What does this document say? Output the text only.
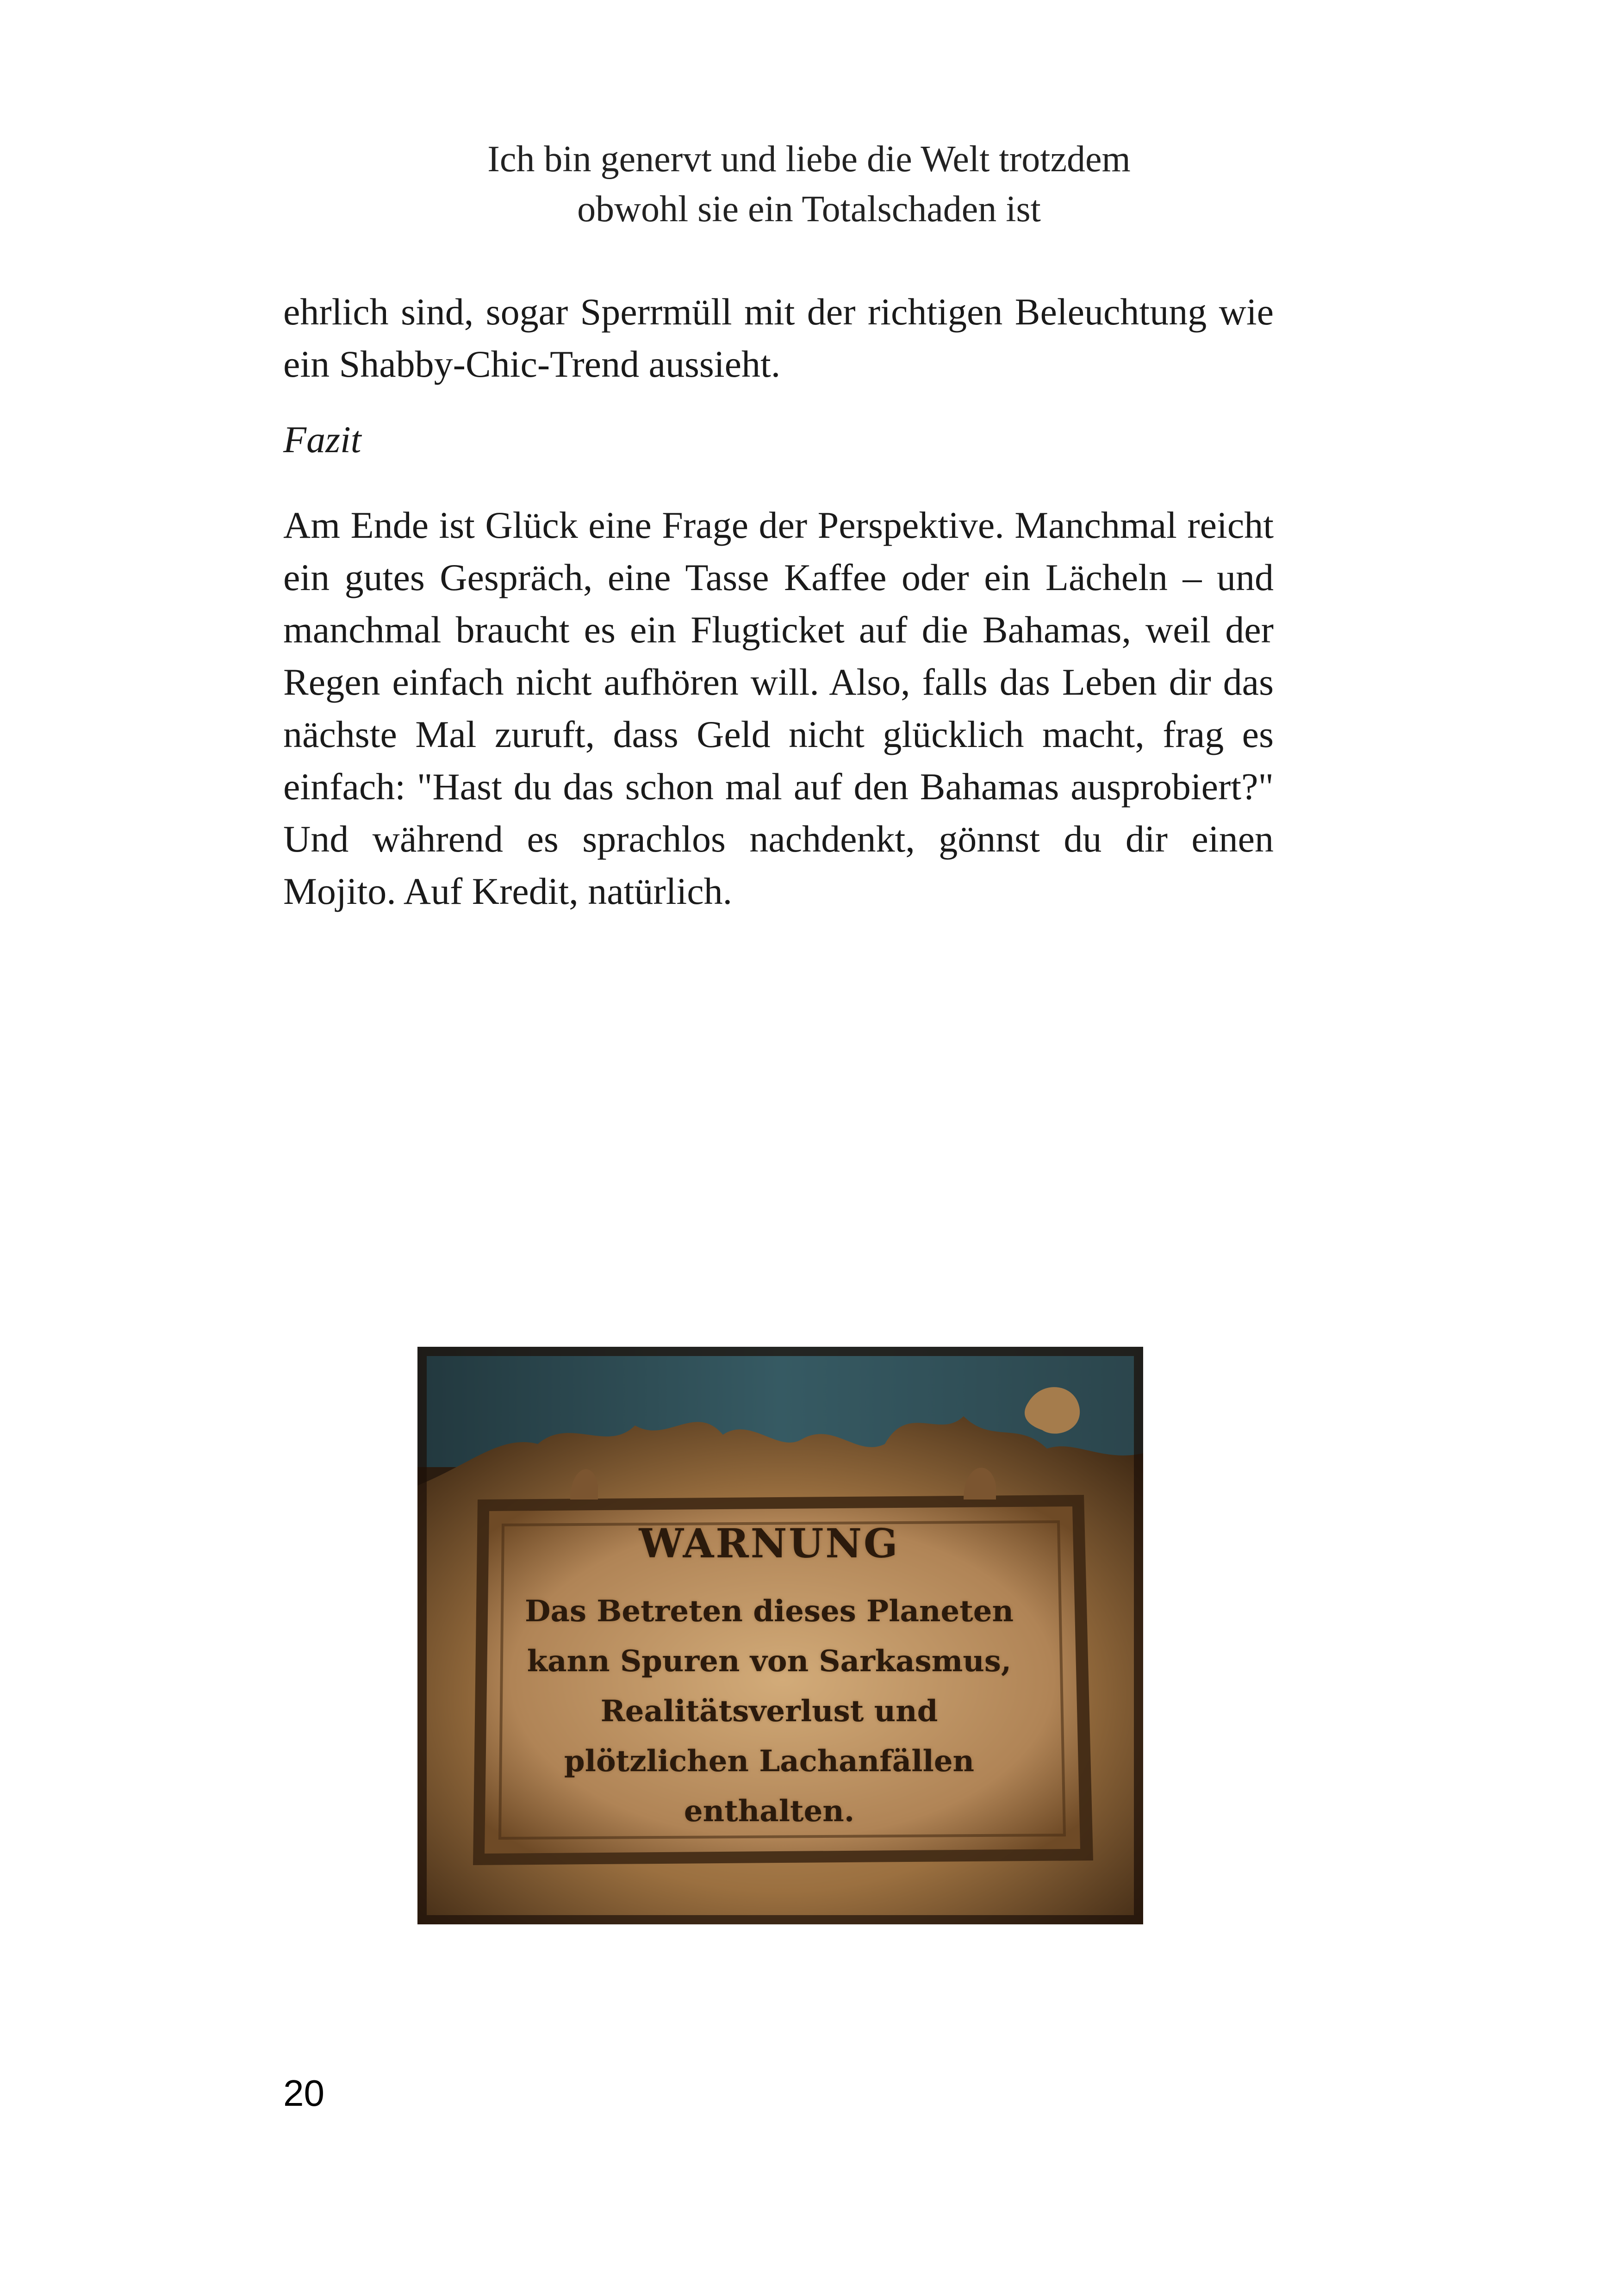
Ich bin genervt und liebe die Welt trotzdem
obwohl sie ein Totalschaden ist

ehrlich sind, sogar Sperrmüll mit der richtigen Beleuchtung wie ein Shabby-Chic-Trend aussieht.

Fazit

Am Ende ist Glück eine Frage der Perspektive. Manchmal reicht ein gutes Gespräch, eine Tasse Kaffee oder ein Lächeln – und manchmal braucht es ein Flugticket auf die Bahamas, weil der Regen einfach nicht aufhören will. Also, falls das Leben dir das nächste Mal zuruft, dass Geld nicht glücklich macht, frag es einfach: "Hast du das schon mal auf den Bahamas ausprobiert?" Und während es sprachlos nachdenkt, gönnst du dir einen Mojito. Auf Kredit, natürlich.

WARNUNG
Das Betreten dieses Planeten
kann Spuren von Sarkasmus,
Realitätsverlust und
plötzlichen Lachanfällen
enthalten.
20
